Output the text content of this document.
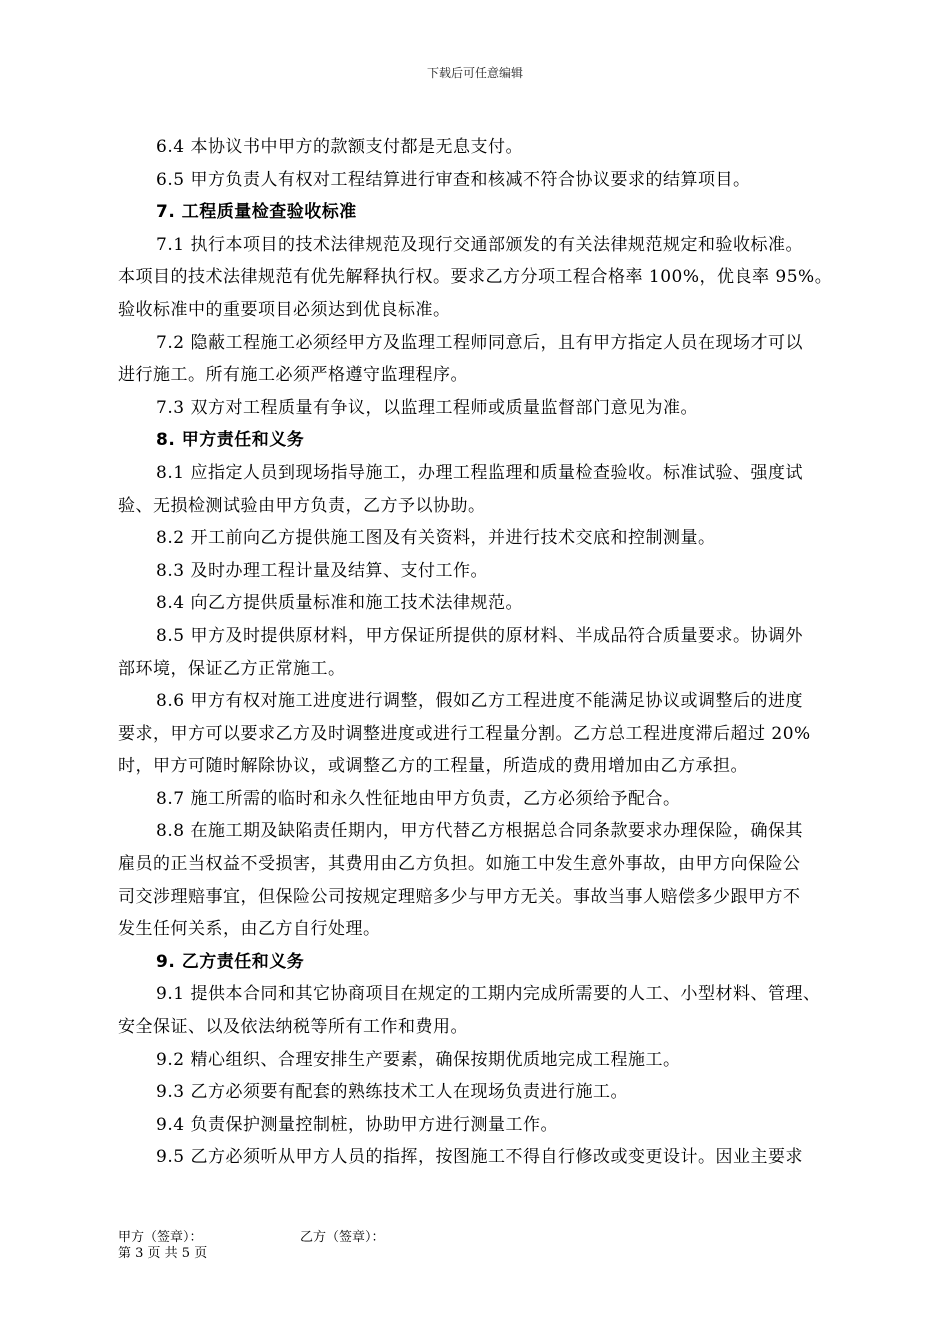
下载后可任意编辑
6.4 本协议书中甲方的款额支付都是无息支付。
6.5 甲方负责人有权对工程结算进行审查和核减不符合协议要求的结算项目。
7. 工程质量检查验收标准
7.1 执行本项目的技术法律规范及现行交通部颁发的有关法律规范规定和验收标准。
本项目的技术法律规范有优先解释执行权。要求乙方分项工程合格率 100%，优良率 95%。
验收标准中的重要项目必须达到优良标准。
7.2 隐蔽工程施工必须经甲方及监理工程师同意后，且有甲方指定人员在现场才可以
进行施工。所有施工必须严格遵守监理程序。
7.3 双方对工程质量有争议，以监理工程师或质量监督部门意见为准。
8. 甲方责任和义务
8.1 应指定人员到现场指导施工，办理工程监理和质量检查验收。标准试验、强度试
验、无损检测试验由甲方负责，乙方予以协助。
8.2 开工前向乙方提供施工图及有关资料，并进行技术交底和控制测量。
8.3 及时办理工程计量及结算、支付工作。
8.4 向乙方提供质量标准和施工技术法律规范。
8.5 甲方及时提供原材料，甲方保证所提供的原材料、半成品符合质量要求。协调外
部环境，保证乙方正常施工。
8.6 甲方有权对施工进度进行调整，假如乙方工程进度不能满足协议或调整后的进度
要求，甲方可以要求乙方及时调整进度或进行工程量分割。乙方总工程进度滞后超过 20%
时，甲方可随时解除协议，或调整乙方的工程量，所造成的费用增加由乙方承担。
8.7 施工所需的临时和永久性征地由甲方负责，乙方必须给予配合。
8.8 在施工期及缺陷责任期内，甲方代替乙方根据总合同条款要求办理保险，确保其
雇员的正当权益不受损害，其费用由乙方负担。如施工中发生意外事故，由甲方向保险公
司交涉理赔事宜，但保险公司按规定理赔多少与甲方无关。事故当事人赔偿多少跟甲方不
发生任何关系，由乙方自行处理。
9. 乙方责任和义务
9.1 提供本合同和其它协商项目在规定的工期内完成所需要的人工、小型材料、管理、
安全保证、以及依法纳税等所有工作和费用。
9.2 精心组织、合理安排生产要素，确保按期优质地完成工程施工。
9.3 乙方必须要有配套的熟练技术工人在现场负责进行施工。
9.4 负责保护测量控制桩，协助甲方进行测量工作。
9.5 乙方必须听从甲方人员的指挥，按图施工不得自行修改或变更设计。因业主要求
甲方（签章）：	乙方（签章）：
第 3 页 共 5 页
